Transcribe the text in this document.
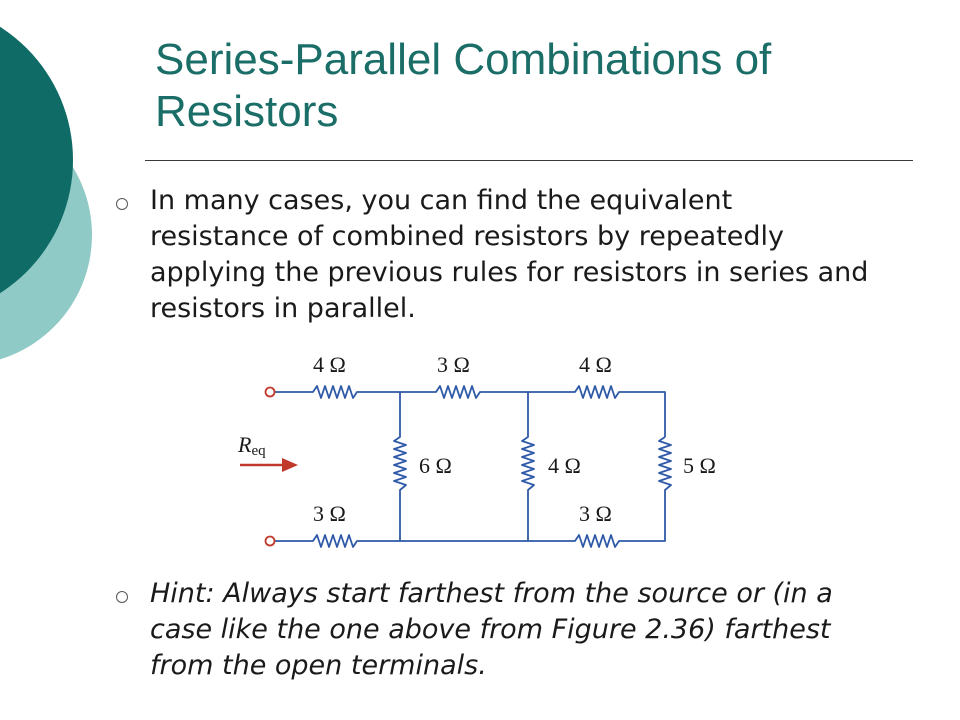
Series-Parallel Combinations of Resistors
In many cases, you can find the equivalent resistance of combined resistors by repeatedly applying the previous rules for resistors in series and resistors in parallel.
Req
4 Ω	3 Ω	4 Ω
6 Ω	4 Ω	5 Ω
3 Ω	3 Ω
Hint: Always start farthest from the source or (in a case like the one above from Figure 2.36) farthest from the open terminals.
